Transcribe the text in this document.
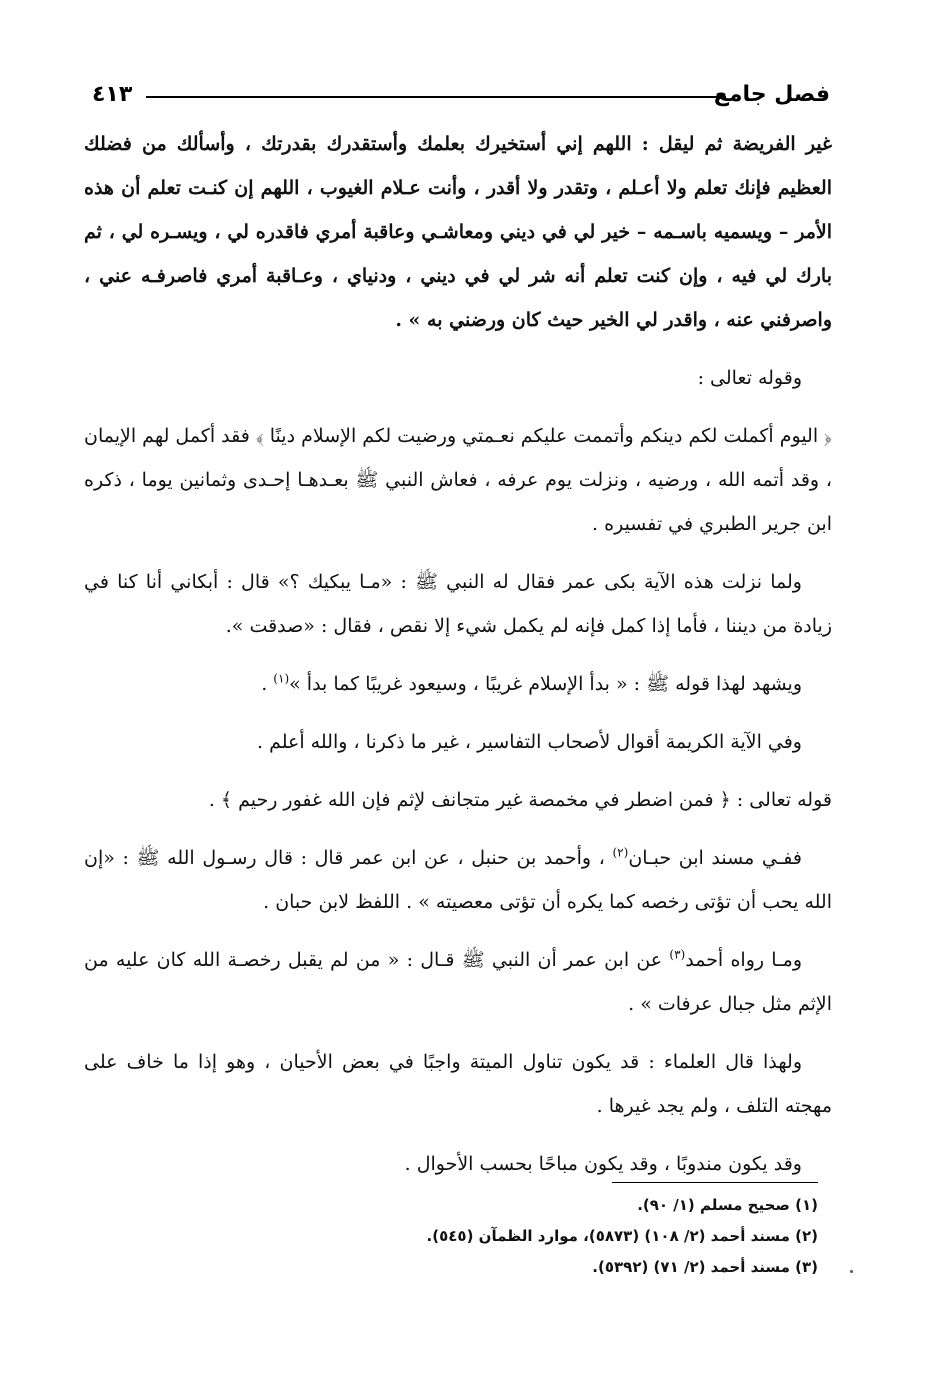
فصل جامع
٤١٣

غير الفريضة ثم ليقل : اللهم إني أستخيرك بعلمك وأستقدرك بقدرتك ، وأسألك من فضلك العظيم فإنك تعلم ولا أعـلم ، وتقدر ولا أقدر ، وأنت عـلام الغيوب ، اللهم إن كنـت تعلم أن هذه الأمر – ويسميه باسـمه – خير لي في ديني ومعاشـي وعاقبة أمري فاقدره لي ، ويسـره لي ، ثم بارك لي فيه ، وإن كنت تعلم أنه شر لي في ديني ، ودنياي ، وعـاقبة أمري فاصرفـه عني ، واصرفني عنه ، واقدر لي الخير حيث كان ورضني به » .

وقوله تعالى :

﴿ اليوم أكملت لكم دينكم وأتممت عليكم نعـمتي ورضيت لكم الإسلام دينًا ﴾ فقد أكمل لهم الإيمان ، وقد أتمه الله ، ورضيه ، ونزلت يوم عرفه ، فعاش النبي ﷺ بعـدهـا إحـدى وثمانين يوما ، ذكره ابن جرير الطبري في تفسيره .

ولما نزلت هذه الآية بكى عمر فقال له النبي ﷺ : «مـا يبكيك ؟» قال : أبكاني أنا كنا في زيادة من ديننا ، فأما إذا كمل فإنه لم يكمل شيء إلا نقص ، فقال : «صدقت ».

ويشهد لهذا قوله ﷺ : « بدأ الإسلام غريبًا ، وسيعود غريبًا كما بدأ »$^{(١)}$ .

وفي الآية الكريمة أقوال لأصحاب التفاسير ، غير ما ذكرنا ، والله أعلم .

قوله تعالى : ﴿ فمن اضطر في مخمصة غير متجانف لإثم فإن الله غفور رحيم ﴾ .

ففـي مسند ابن حبـان$^{(٢)}$ ، وأحمد بن حنبل ، عن ابن عمر قال : قال رسـول الله ﷺ : «إن الله يحب أن تؤتى رخصه كما يكره أن تؤتى معصيته » . اللفظ لابن حبان .

ومـا رواه أحمد$^{(٣)}$ عن ابن عمر أن النبي ﷺ قـال : « من لم يقبل رخصـة الله كان عليه من الإثم مثل جبال عرفات » .

ولهذا قال العلماء : قد يكون تناول الميتة واجبًا في بعض الأحيان ، وهو إذا ما خاف على مهجته التلف ، ولم يجد غيرها .

وقد يكون مندوبًا ، وقد يكون مباحًا بحسب الأحوال .

(١) صحيح مسلم (١/ ٩٠).

(٢) مسند أحمد (٢/ ١٠٨) (٥٨٧٣)، موارد الظمآن (٥٤٥).

(٣) مسند أحمد (٢/ ٧١) (٥٣٩٢).
